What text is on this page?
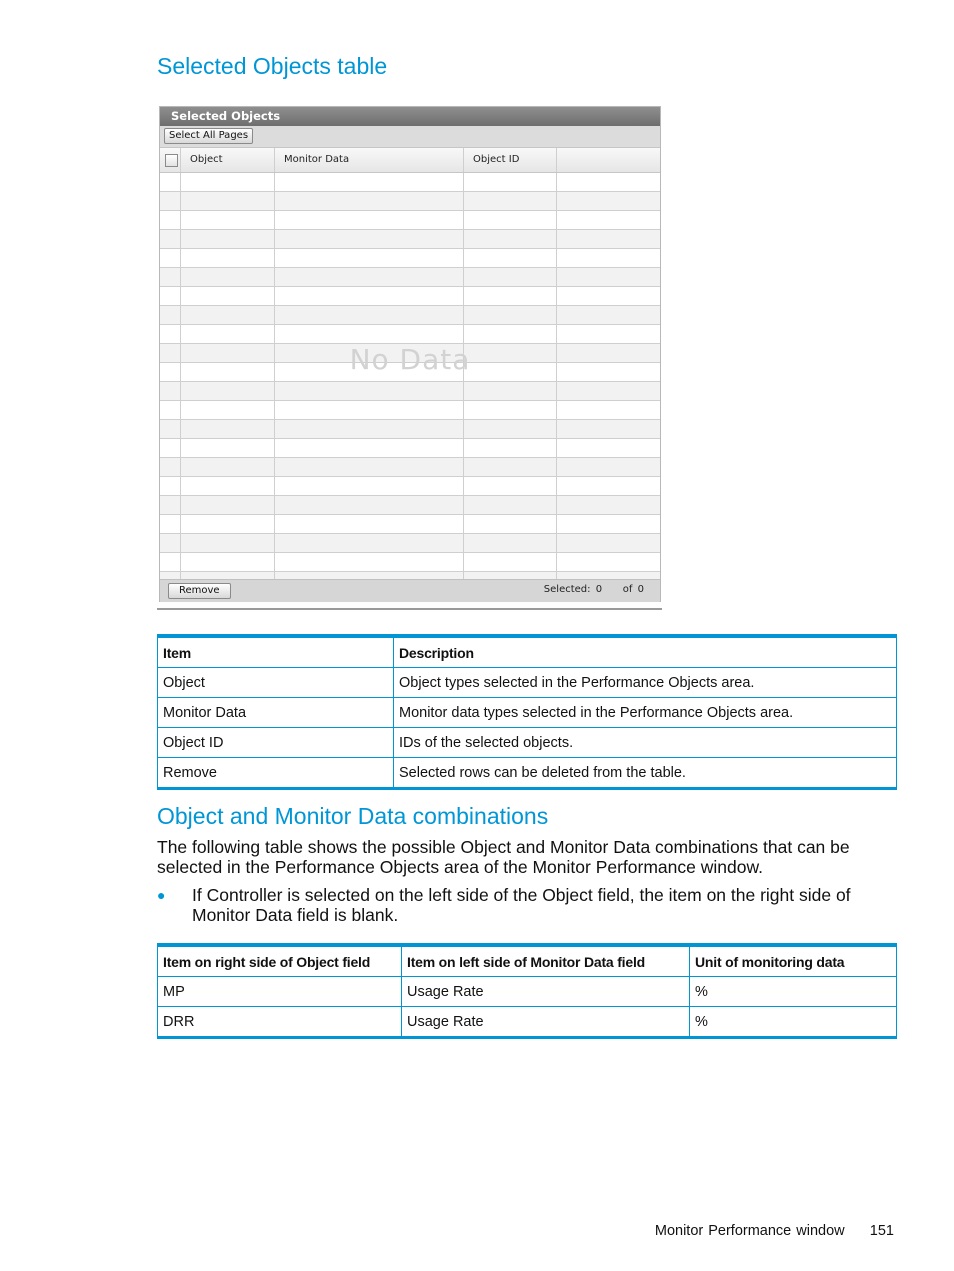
Selected Objects table
Selected Objects
Select All Pages
Object	Monitor Data	Object ID
No Data
Remove	Selected: 0 of 0
Item	Description
Object	Object types selected in the Performance Objects area.
Monitor Data	Monitor data types selected in the Performance Objects area.
Object ID	IDs of the selected objects.
Remove	Selected rows can be deleted from the table.
Object and Monitor Data combinations

The following table shows the possible Object and Monitor Data combinations that can be selected in the Performance Objects area of the Monitor Performance window.

● If Controller is selected on the left side of the Object field, the item on the right side of Monitor Data field is blank.

Item on right side of Object field	Item on left side of Monitor Data field	Unit of monitoring data
MP	Usage Rate	%
DRR	Usage Rate	%
Monitor Performance window 151
